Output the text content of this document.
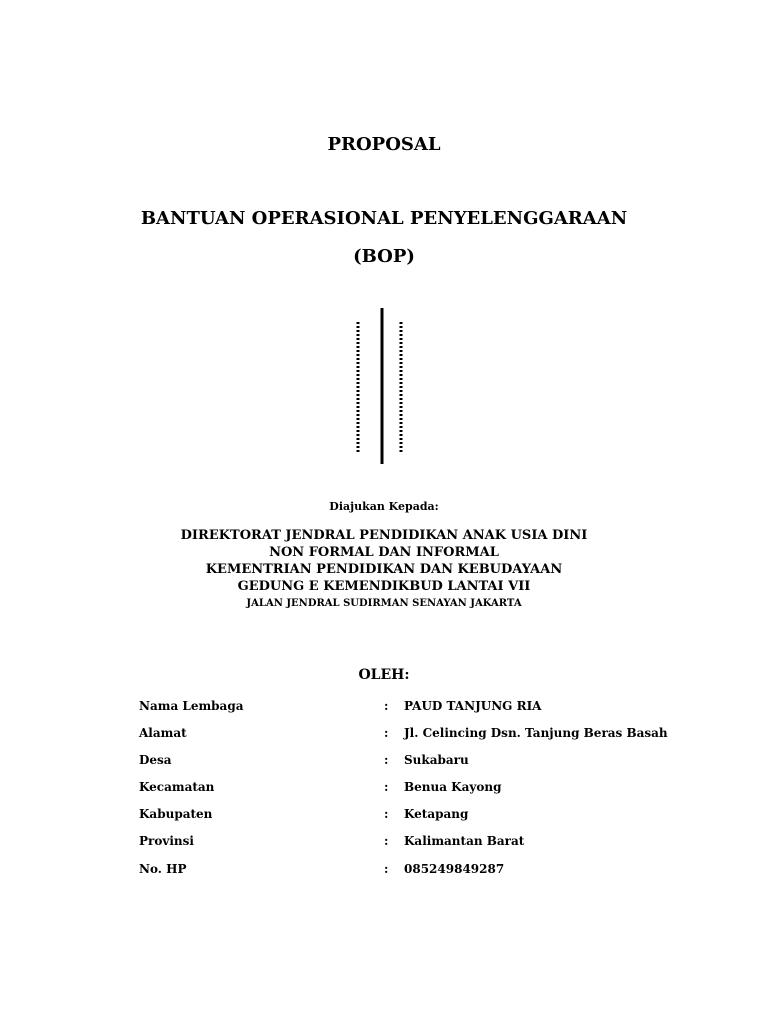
PROPOSAL
BANTUAN OPERASIONAL PENYELENGGARAAN
(BOP)
Diajukan Kepada:
DIREKTORAT JENDRAL PENDIDIKAN ANAK USIA DINI
NON FORMAL DAN INFORMAL
KEMENTRIAN PENDIDIKAN DAN KEBUDAYAAN
GEDUNG E KEMENDIKBUD LANTAI VII
JALAN JENDRAL SUDIRMAN SENAYAN JAKARTA
OLEH:
Nama Lembaga	: PAUD TANJUNG RIA
Alamat	: Jl. Celincing Dsn. Tanjung Beras Basah
Desa	: Sukabaru
Kecamatan	: Benua Kayong
Kabupaten	: Ketapang
Provinsi	: Kalimantan Barat
No. HP	: 085249849287
